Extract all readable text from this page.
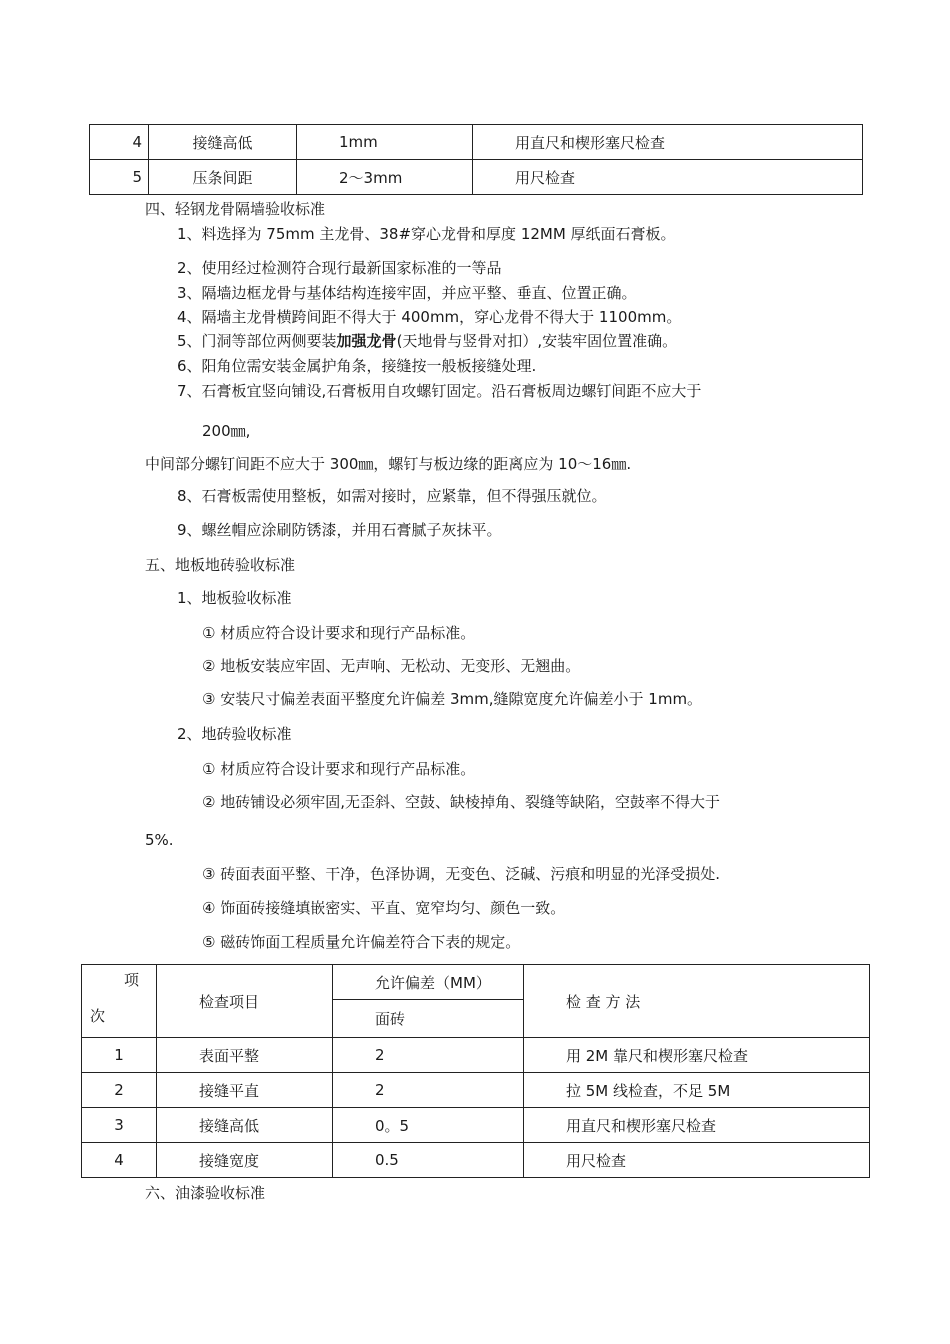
4	接缝高低	1mm	用直尺和楔形塞尺检查
5	压条间距	2～3mm	用尺检查
四、轻钢龙骨隔墙验收标准
1、料选择为 75mm 主龙骨、38#穿心龙骨和厚度 12MM 厚纸面石膏板。
2、使用经过检测符合现行最新国家标准的一等品
3、隔墙边框龙骨与基体结构连接牢固，并应平整、垂直、位置正确。
4、隔墙主龙骨横跨间距不得大于 400mm，穿心龙骨不得大于 1100mm。
5、门洞等部位两侧要装加强龙骨(天地骨与竖骨对扣）,安装牢固位置准确。
6、阳角位需安装金属护角条，接缝按一般板接缝处理.
7、石膏板宜竖向铺设,石膏板用自攻螺钉固定。沿石膏板周边螺钉间距不应大于
200㎜,
中间部分螺钉间距不应大于 300㎜，螺钉与板边缘的距离应为 10～16㎜.
8、石膏板需使用整板，如需对接时，应紧靠，但不得强压就位。
9、螺丝帽应涂刷防锈漆，并用石膏腻子灰抹平。
五、地板地砖验收标准
1、地板验收标准
① 材质应符合设计要求和现行产品标准。
② 地板安装应牢固、无声响、无松动、无变形、无翘曲。
③ 安装尺寸偏差表面平整度允许偏差 3mm,缝隙宽度允许偏差小于 1mm。
2、地砖验收标准
① 材质应符合设计要求和现行产品标准。
② 地砖铺设必须牢固,无歪斜、空鼓、缺棱掉角、裂缝等缺陷，空鼓率不得大于
5%.
③ 砖面表面平整、干净，色泽协调，无变色、泛碱、污痕和明显的光泽受损处.
④ 饰面砖接缝填嵌密实、平直、宽窄均匀、颜色一致。
⑤ 磁砖饰面工程质量允许偏差符合下表的规定。
项
次	检查项目	允许偏差（MM）	检 查 方 法
		面砖	
1	表面平整	2	用 2M 靠尺和楔形塞尺检查
2	接缝平直	2	拉 5M 线检查，不足 5M
3	接缝高低	0。5	用直尺和楔形塞尺检查
4	接缝宽度	0.5	用尺检查
六、油漆验收标准
